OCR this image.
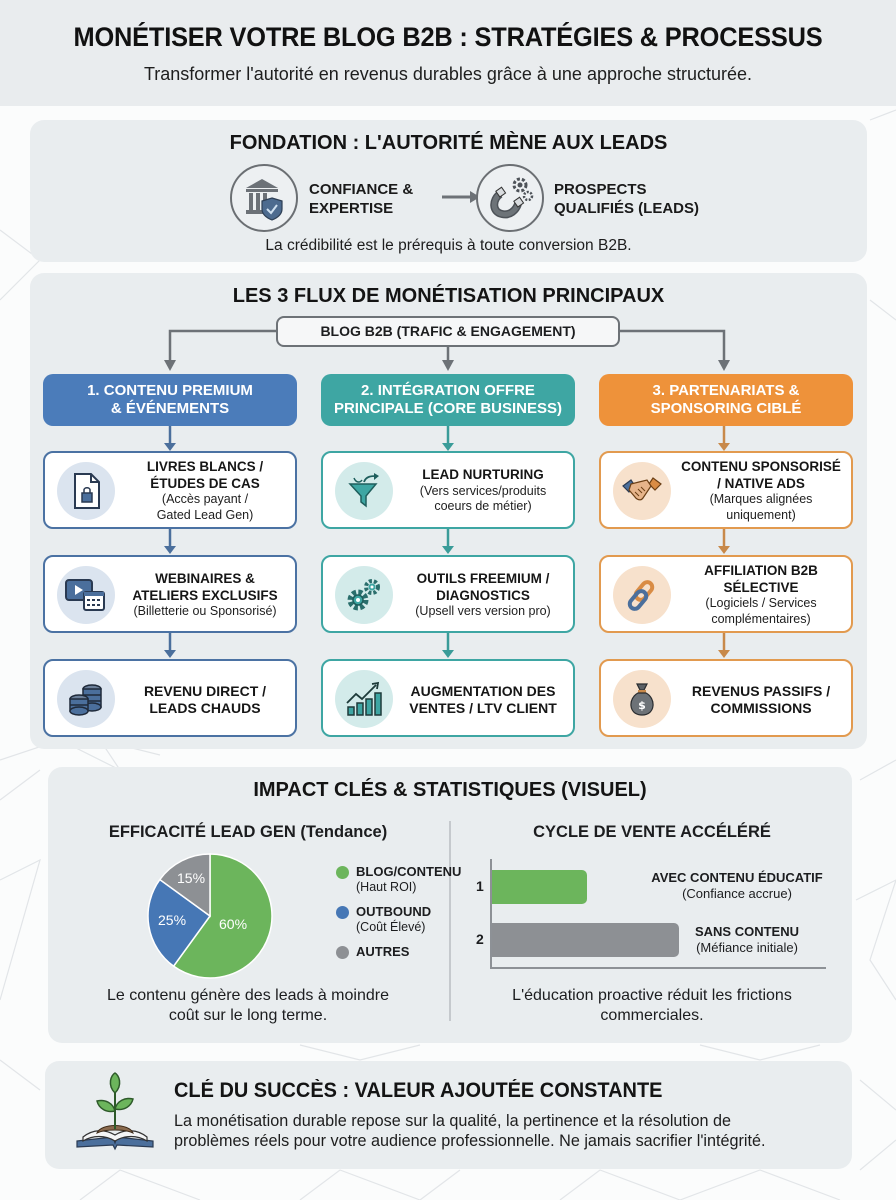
MONÉTISER VOTRE BLOG B2B : STRATÉGIES & PROCESSUS
Transformer l'autorité en revenus durables grâce à une approche structurée.
FONDATION : L'AUTORITÉ MÈNE AUX LEADS
CONFIANCE &
EXPERTISE
PROSPECTS
QUALIFIÉS (LEADS)
La crédibilité est le prérequis à toute conversion B2B.
LES 3 FLUX DE MONÉTISATION PRINCIPAUX
BLOG B2B (TRAFIC & ENGAGEMENT)
1. CONTENU PREMIUM
& ÉVÉNEMENTS
2. INTÉGRATION OFFRE
PRINCIPALE (CORE BUSINESS)
3. PARTENARIATS &
SPONSORING CIBLÉ
LIVRES BLANCS /
ÉTUDES DE CAS
(Accès payant /
Gated Lead Gen)
WEBINAIRES &
ATELIERS EXCLUSIFS
(Billetterie ou Sponsorisé)
REVENU DIRECT /
LEADS CHAUDS
LEAD NURTURING
(Vers services/produits
coeurs de métier)
OUTILS FREEMIUM /
DIAGNOSTICS
(Upsell vers version pro)
AUGMENTATION DES
VENTES / LTV CLIENT
CONTENU SPONSORISÉ
/ NATIVE ADS
(Marques alignées
uniquement)
AFFILIATION B2B
SÉLECTIVE
(Logiciels / Services
complémentaires)
$
REVENUS PASSIFS /
COMMISSIONS
IMPACT CLÉS & STATISTIQUES (VISUEL)
EFFICACITÉ LEAD GEN (Tendance)
60%
25%
15%	BLOG/CONTENU
(Haut ROI)
OUTBOUND
(Coût Élevé)
AUTRES
Le contenu génère des leads à moindre
coût sur le long terme.
CYCLE DE VENTE ACCÉLÉRÉ
1
2
AVEC CONTENU ÉDUCATIF
(Confiance accrue)
SANS CONTENU
(Méfiance initiale)
L'éducation proactive réduit les frictions
commerciales.
CLÉ DU SUCCÈS : VALEUR AJOUTÉE CONSTANTE
La monétisation durable repose sur la qualité, la pertinence et la résolution de
problèmes réels pour votre audience professionnelle. Ne jamais sacrifier l'intégrité.
